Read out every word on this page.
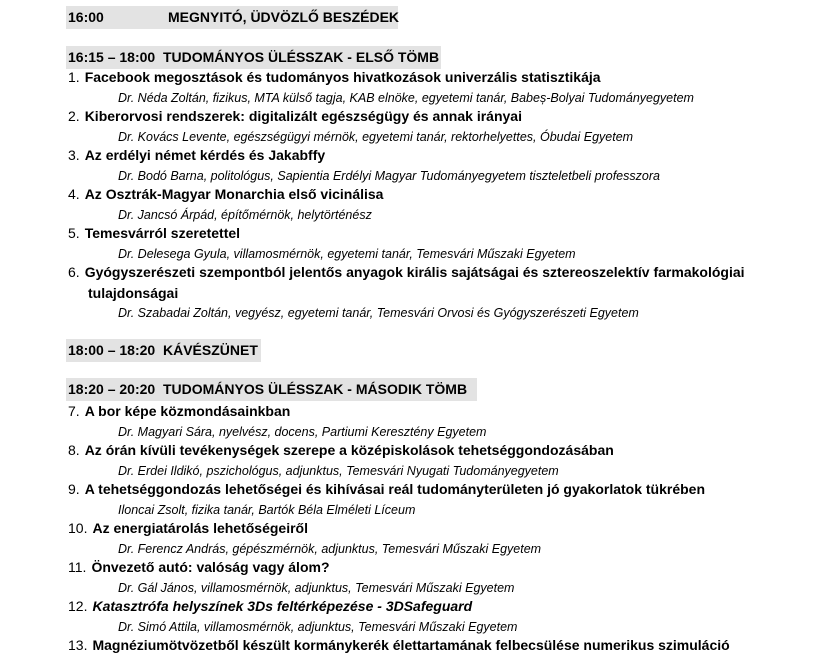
16:00	MEGNYITÓ, ÜDVÖZLŐ BESZÉDEK
16:15 – 18:00 TUDOMÁNYOS ÜLÉSSZAK - ELSŐ TÖMB
1. Facebook megosztások és tudományos hivatkozások univerzális statisztikája
Dr. Néda Zoltán, fizikus, MTA külső tagja, KAB elnöke, egyetemi tanár, Babeș-Bolyai Tudományegyetem
2. Kiberorvosi rendszerek: digitalizált egészségügy és annak irányai
Dr. Kovács Levente, egészségügyi mérnök, egyetemi tanár, rektorhelyettes, Óbudai Egyetem
3. Az erdélyi német kérdés és Jakabffy
Dr. Bodó Barna, politológus, Sapientia Erdélyi Magyar Tudományegyetem tiszteletbeli professzora
4. Az Osztrák-Magyar Monarchia első vicinálisa
Dr. Jancsó Árpád, építőmérnök, helytörténész
5. Temesvárról szeretettel
Dr. Delesega Gyula, villamosmérnök, egyetemi tanár, Temesvári Műszaki Egyetem
6. Gyógyszerészeti szempontból jelentős anyagok királis sajátságai és sztereoszelektív farmakológiai
tulajdonságai
Dr. Szabadai Zoltán, vegyész, egyetemi tanár, Temesvári Orvosi és Gyógyszerészeti Egyetem
18:00 – 18:20 KÁVÉSZÜNET
18:20 – 20:20 TUDOMÁNYOS ÜLÉSSZAK - MÁSODIK TÖMB
7. A bor képe közmondásainkban
Dr. Magyari Sára, nyelvész, docens, Partiumi Keresztény Egyetem
8. Az órán kívüli tevékenységek szerepe a középiskolások tehetséggondozásában
Dr. Erdei Ildikó, pszichológus, adjunktus, Temesvári Nyugati Tudományegyetem
9. A tehetséggondozás lehetőségei és kihívásai reál tudományterületen jó gyakorlatok tükrében
Iloncai Zsolt, fizika tanár, Bartók Béla Elméleti Líceum
10. Az energiatárolás lehetőségeiről
Dr. Ferencz András, gépészmérnök, adjunktus, Temesvári Műszaki Egyetem
11. Önvezető autó: valóság vagy álom?
Dr. Gál János, villamosmérnök, adjunktus, Temesvári Műszaki Egyetem
12. Katasztrófa helyszínek 3Ds feltérképezése - 3DSafeguard
Dr. Simó Attila, villamosmérnök, adjunktus, Temesvári Műszaki Egyetem
13. Magnéziumötvözetből készült kormánykerék élettartamának felbecsülése numerikus szimuláció
